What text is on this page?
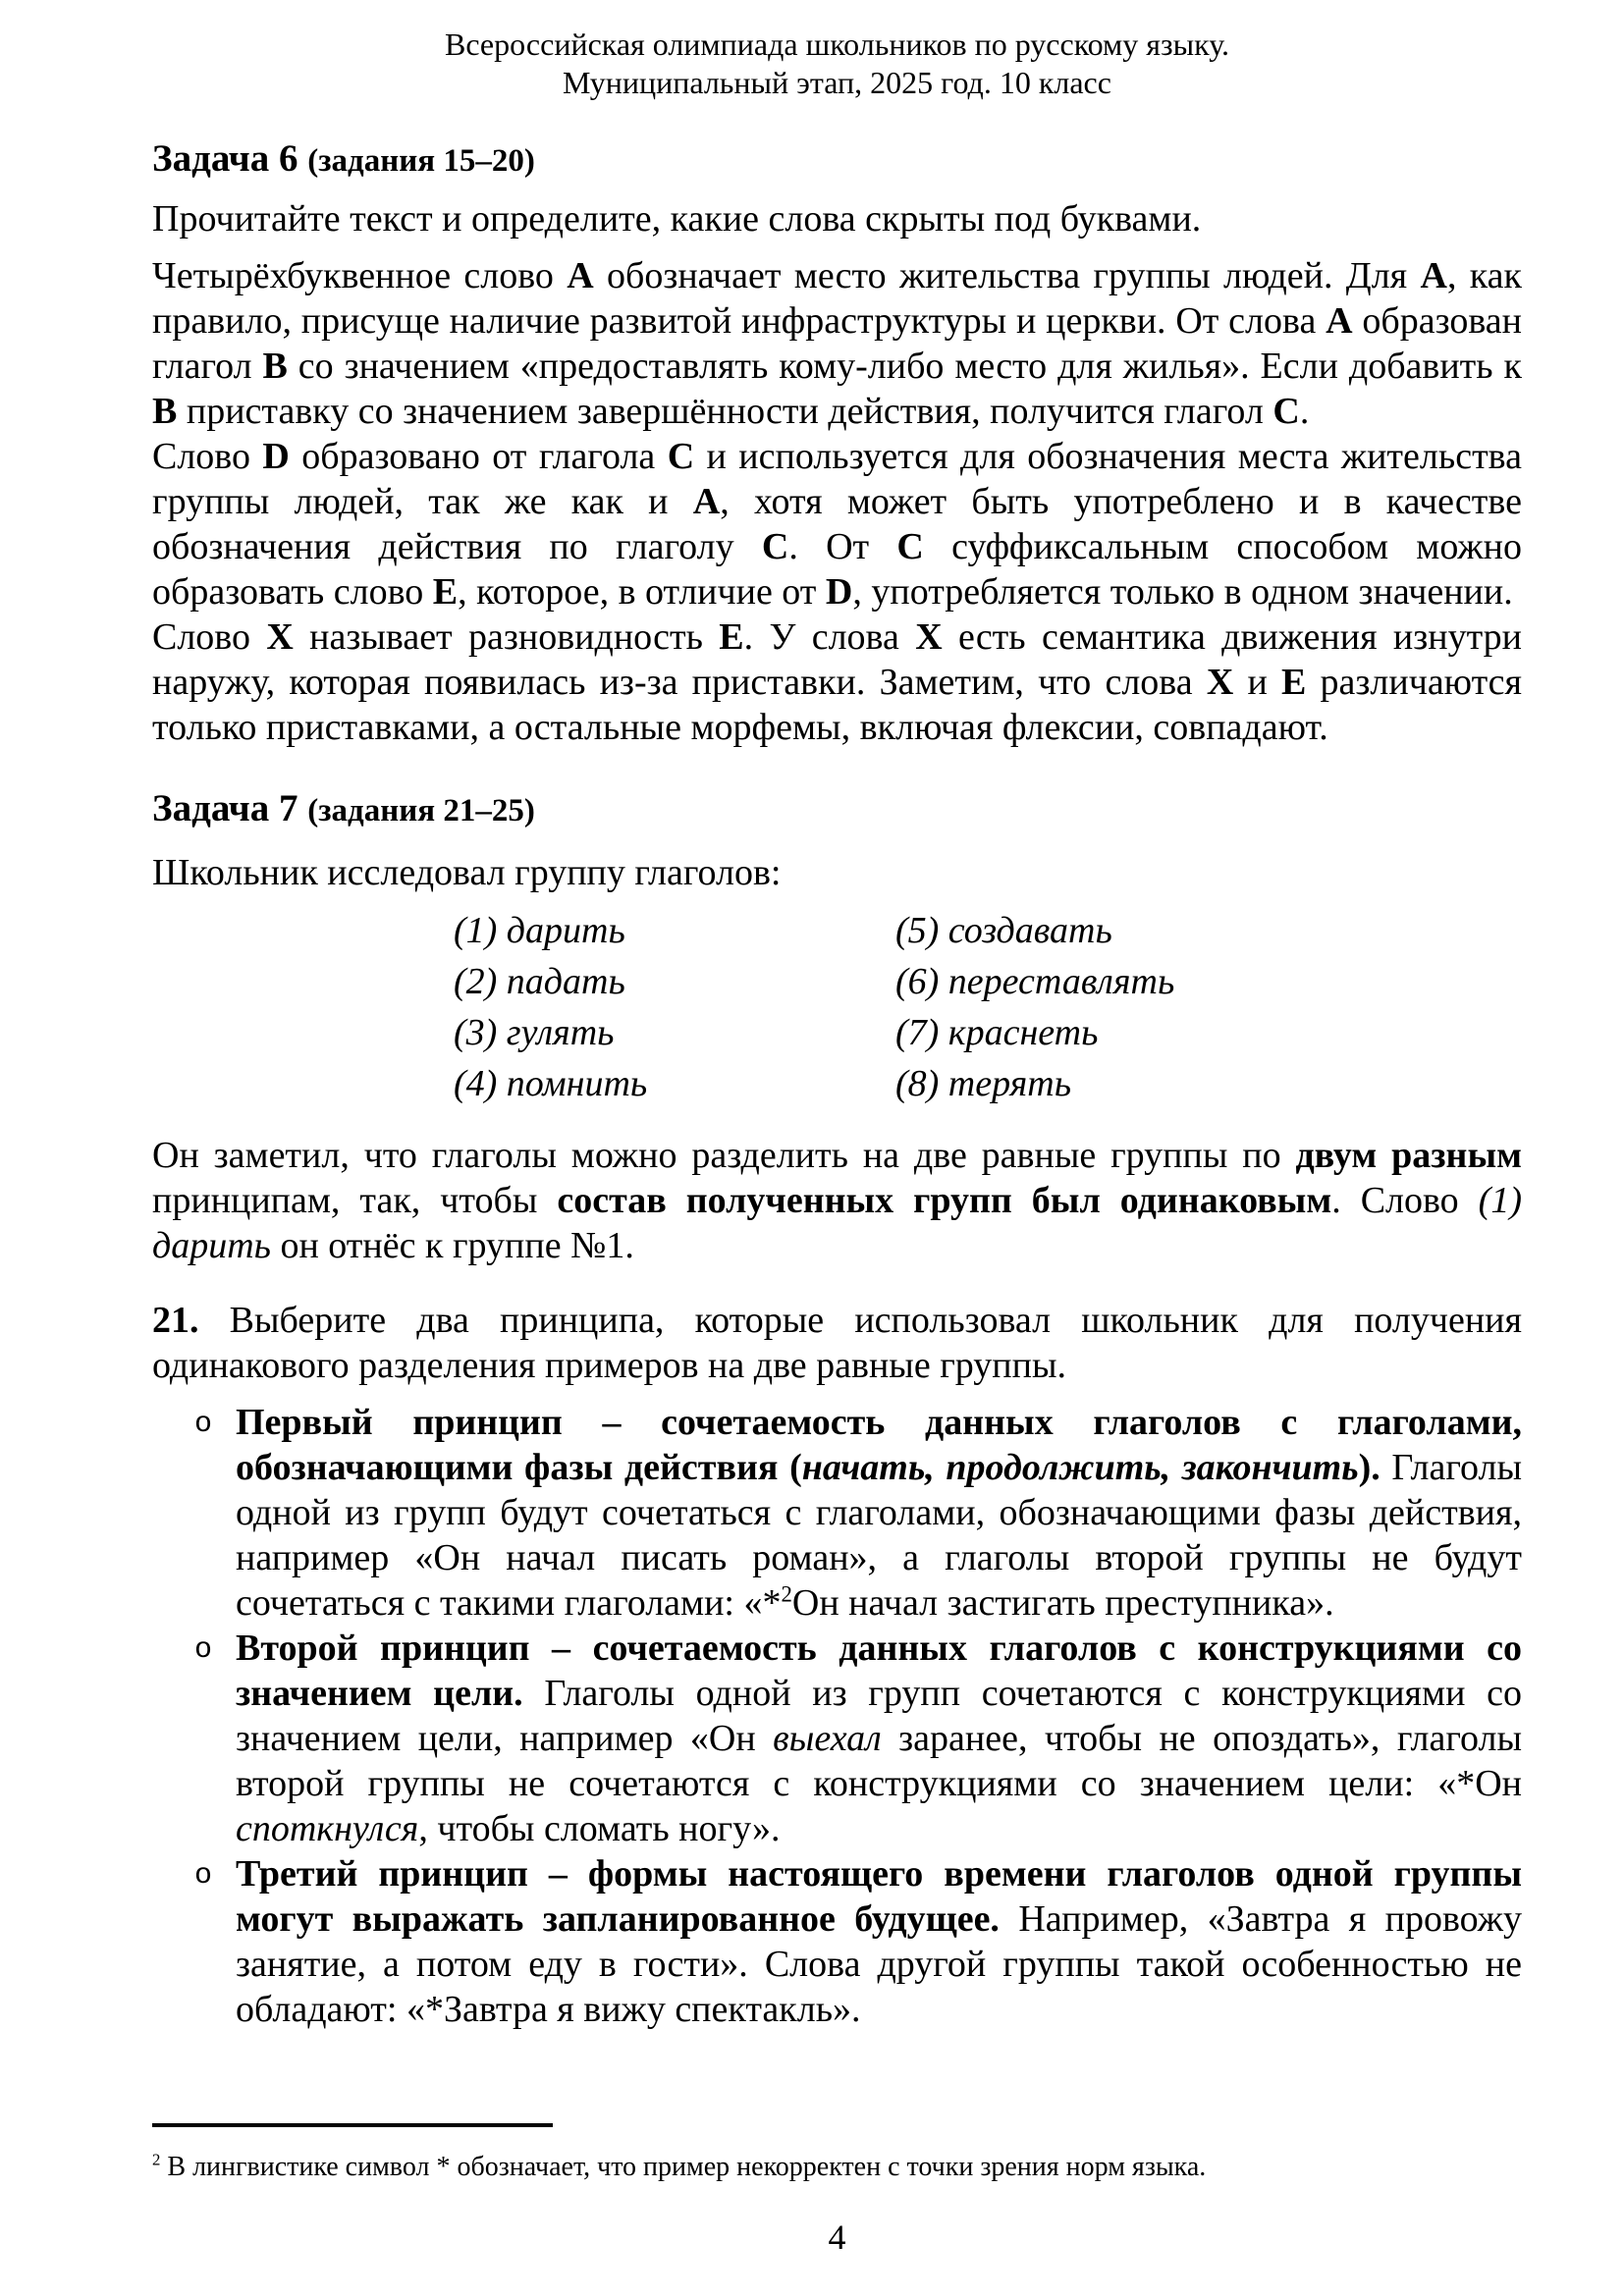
Всероссийская олимпиада школьников по русскому языку.
Муниципальный этап, 2025 год. 10 класс
Задача 6 (задания 15–20)

Прочитайте текст и определите, какие слова скрыты под буквами.

Четырёхбуквенное слово А обозначает место жительства группы людей. Для А, как правило, присуще наличие развитой инфраструктуры и церкви. От слова А образован глагол В со значением «предоставлять кому-либо место для жилья». Если добавить к В приставку со значением завершённости действия, получится глагол С.

Слово D образовано от глагола С и используется для обозначения места жительства группы людей, так же как и А, хотя может быть употреблено и в качестве обозначения действия по глаголу С. От С суффиксальным способом можно образовать слово Е, которое, в отличие от D, употребляется только в одном значении.

Слово X называет разновидность Е. У слова X есть семантика движения изнутри наружу, которая появилась из-за приставки. Заметим, что слова X и Е различаются только приставками, а остальные морфемы, включая флексии, совпадают.

Задача 7 (задания 21–25)

Школьник исследовал группу глаголов:

(1) дарить
(2) падать
(3) гулять
(4) помнить
(5) создавать
(6) переставлять
(7) краснеть
(8) терять

Он заметил, что глаголы можно разделить на две равные группы по двум разным принципам, так, чтобы состав полученных групп был одинаковым. Слово (1) дарить он отнёс к группе №1.

21. Выберите два принципа, которые использовал школьник для получения одинакового разделения примеров на две равные группы.

o Первый принцип – сочетаемость данных глаголов с глаголами, обозначающими фазы действия (начать, продолжить, закончить). Глаголы одной из групп будут сочетаться с глаголами, обозначающими фазы действия, например «Он начал писать роман», а глаголы второй группы не будут сочетаться с такими глаголами: «*$^2$Он начал застигать преступника».
o Второй принцип – сочетаемость данных глаголов с конструкциями со значением цели. Глаголы одной из групп сочетаются с конструкциями со значением цели, например «Он выехал заранее, чтобы не опоздать», глаголы второй группы не сочетаются с конструкциями со значением цели: «*Он споткнулся, чтобы сломать ногу».
o Третий принцип – формы настоящего времени глаголов одной группы могут выражать запланированное будущее. Например, «Завтра я провожу занятие, а потом еду в гости». Слова другой группы такой особенностью не обладают: «*Завтра я вижу спектакль».

$^2$ В лингвистике символ * обозначает, что пример некорректен с точки зрения норм языка.

4
